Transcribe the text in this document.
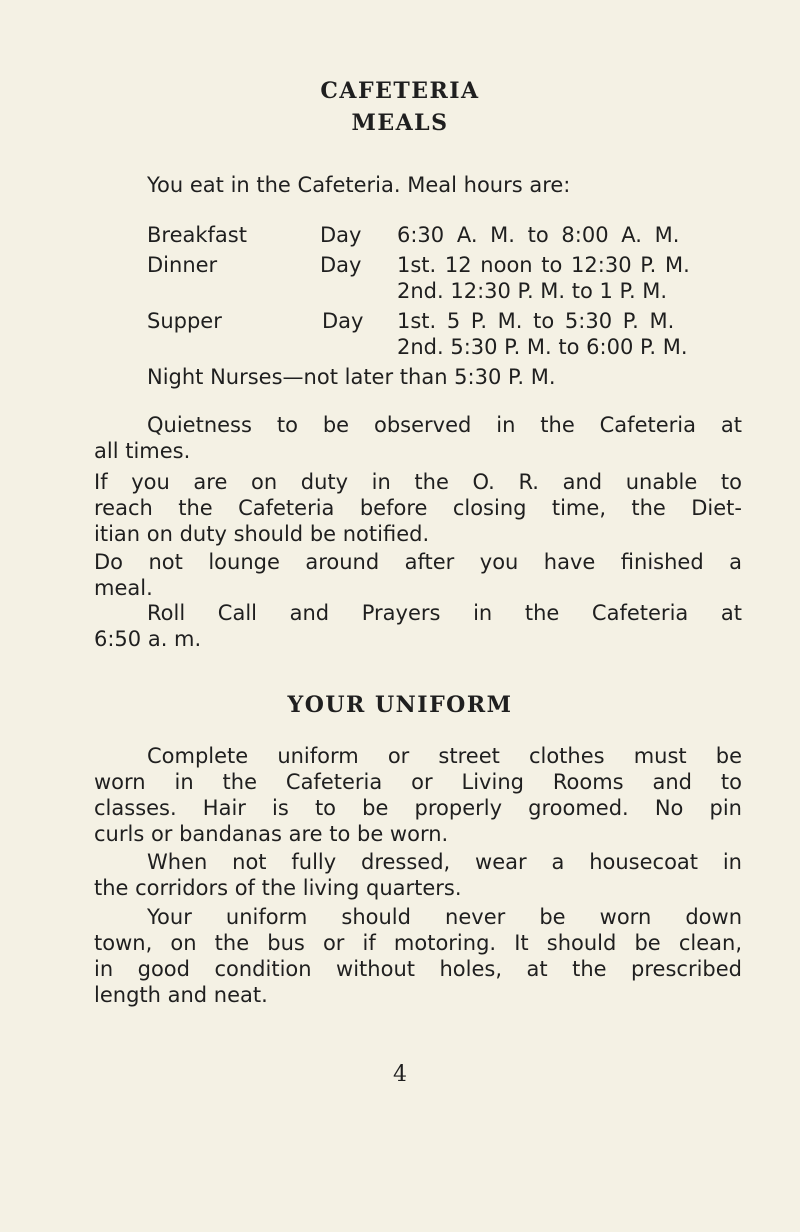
CAFETERIA
MEALS
You eat in the Cafeteria. Meal hours are:
Breakfast	Day 6:30 A. M. to 8:00 A. M.
Dinner	Day 1st. 12 noon to 12:30 P. M.
2nd. 12:30 P. M. to 1 P. M.
Supper	Day 1st. 5 P. M. to 5:30 P. M.
2nd. 5:30 P. M. to 6:00 P. M.
Night Nurses—not later than 5:30 P. M.
Quietness to be observed in the Cafeteria at
all times.
If you are on duty in the O. R. and unable to
reach the Cafeteria before closing time, the Diet-
itian on duty should be notified.
Do not lounge around after you have finished a
meal.
Roll Call and Prayers in the Cafeteria at
6:50 a. m.
YOUR UNIFORM
Complete uniform or street clothes must be
worn in the Cafeteria or Living Rooms and to
classes. Hair is to be properly groomed. No pin
curls or bandanas are to be worn.
When not fully dressed, wear a housecoat in
the corridors of the living quarters.
Your uniform should never be worn down
town, on the bus or if motoring. It should be clean,
in good condition without holes, at the prescribed
length and neat.
4
